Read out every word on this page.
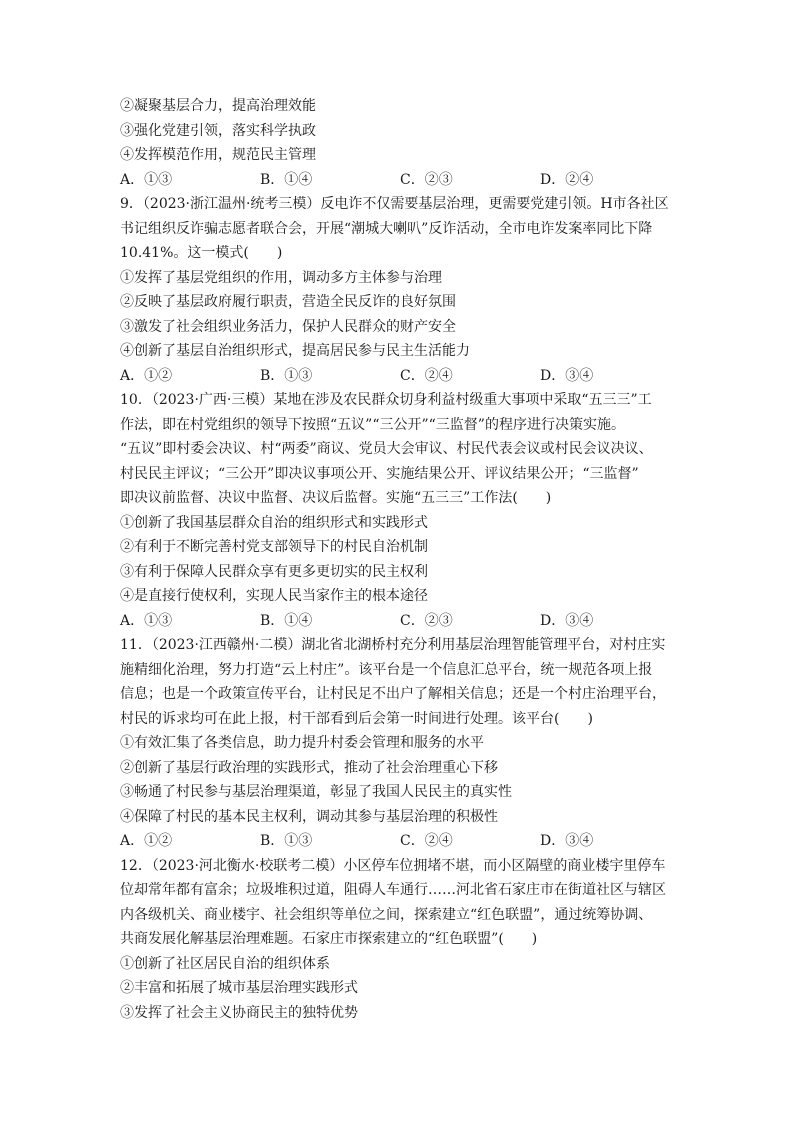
②凝聚基层合力，提高治理效能
③强化党建引领，落实科学执政
④发挥模范作用，规范民主管理
A．①③	B．①④	C．②③	D．②④
9．（2023·浙江温州·统考三模）反电诈不仅需要基层治理，更需要党建引领。H市各社区
书记组织反诈骗志愿者联合会，开展“潮城大喇叭”反诈活动，全市电诈发案率同比下降
10.41%。这一模式(　　)
①发挥了基层党组织的作用，调动多方主体参与治理
②反映了基层政府履行职责，营造全民反诈的良好氛围
③激发了社会组织业务活力，保护人民群众的财产安全
④创新了基层自治组织形式，提高居民参与民主生活能力
A．①②	B．①③	C．②④	D．③④
10．（2023·广西·三模）某地在涉及农民群众切身利益村级重大事项中采取“五三三”工
作法，即在村党组织的领导下按照“五议”“三公开”“三监督”的程序进行决策实施。
“五议”即村委会决议、村“两委”商议、党员大会审议、村民代表会议或村民会议决议、
村民民主评议；“三公开”即决议事项公开、实施结果公开、评议结果公开；“三监督”
即决议前监督、决议中监督、决议后监督。实施“五三三”工作法(　　)
①创新了我国基层群众自治的组织形式和实践形式
②有利于不断完善村党支部领导下的村民自治机制
③有利于保障人民群众享有更多更切实的民主权利
④是直接行使权利，实现人民当家作主的根本途径
A．①③	B．①④	C．②③	D．③④
11．（2023·江西赣州·二模）湖北省北湖桥村充分利用基层治理智能管理平台，对村庄实
施精细化治理，努力打造“云上村庄”。该平台是一个信息汇总平台，统一规范各项上报
信息；也是一个政策宣传平台，让村民足不出户了解相关信息；还是一个村庄治理平台，
村民的诉求均可在此上报，村干部看到后会第一时间进行处理。该平台(　　)
①有效汇集了各类信息，助力提升村委会管理和服务的水平
②创新了基层行政治理的实践形式，推动了社会治理重心下移
③畅通了村民参与基层治理渠道，彰显了我国人民民主的真实性
④保障了村民的基本民主权利，调动其参与基层治理的积极性
A．①②	B．①③	C．②④	D．③④
12．（2023·河北衡水·校联考二模）小区停车位拥堵不堪，而小区隔壁的商业楼宇里停车
位却常年都有富余；垃圾堆积过道，阻碍人车通行……河北省石家庄市在街道社区与辖区
内各级机关、商业楼宇、社会组织等单位之间，探索建立“红色联盟”，通过统筹协调、
共商发展化解基层治理难题。石家庄市探索建立的“红色联盟”(　　)
①创新了社区居民自治的组织体系
②丰富和拓展了城市基层治理实践形式
③发挥了社会主义协商民主的独特优势
